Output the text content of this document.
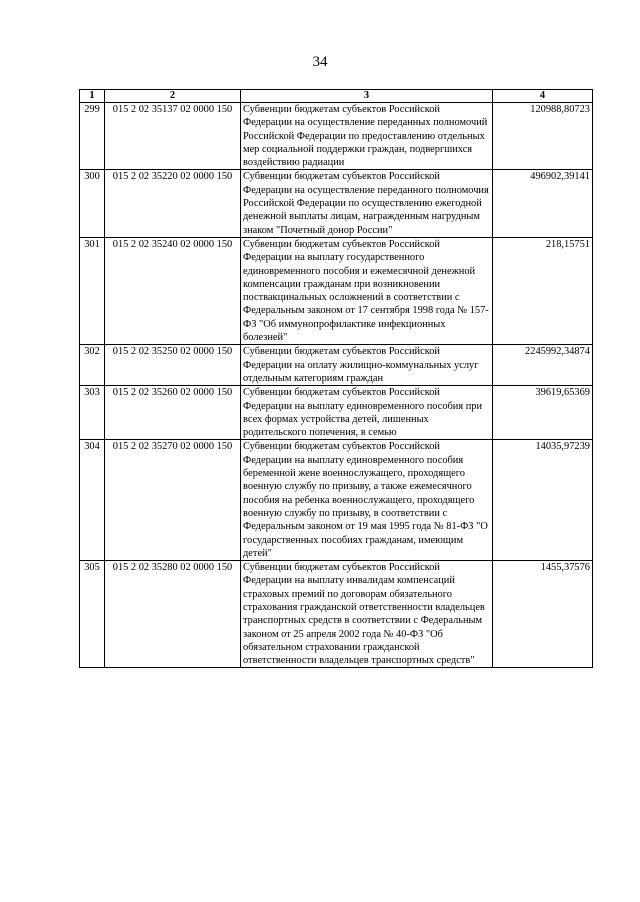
34
1	2	3	4
299	015 2 02 35137 02 0000 150	Субвенции бюджетам субъектов Российской Федерации на осуществление переданных полномочий Российской Федерации по предоставлению отдельных мер социальной поддержки граждан, подвергшихся воздействию радиации	120988,80723
300	015 2 02 35220 02 0000 150	Субвенции бюджетам субъектов Российской Федерации на осуществление переданного полномочия Российской Федерации по осуществлению ежегодной денежной выплаты лицам, награжденным нагрудным знаком "Почетный донор России"	496902,39141
301	015 2 02 35240 02 0000 150	Субвенции бюджетам субъектов Российской Федерации на выплату государственного единовременного пособия и ежемесячной денежной компенсации гражданам при возникновении поствакцинальных осложнений в соответствии с Федеральным законом от 17 сентября 1998 года № 157-ФЗ "Об иммунопрофилактике инфекционных болезней"	218,15751
302	015 2 02 35250 02 0000 150	Субвенции бюджетам субъектов Российской Федерации на оплату жилищно-коммунальных услуг отдельным категориям граждан	2245992,34874
303	015 2 02 35260 02 0000 150	Субвенции бюджетам субъектов Российской Федерации на выплату единовременного пособия при всех формах устройства детей, лишенных родительского попечения, в семью	39619,65369
304	015 2 02 35270 02 0000 150	Субвенции бюджетам субъектов Российской Федерации на выплату единовременного пособия беременной жене военнослужащего, проходящего военную службу по призыву, а также ежемесячного пособия на ребенка военнослужащего, проходящего военную службу по призыву, в соответствии с Федеральным законом от 19 мая 1995 года № 81-ФЗ "О государственных пособиях гражданам, имеющим детей"	14035,97239
305	015 2 02 35280 02 0000 150	Субвенции бюджетам субъектов Российской Федерации на выплату инвалидам компенсаций страховых премий по договорам обязательного страхования гражданской ответственности владельцев транспортных средств в соответствии с Федеральным законом от 25 апреля 2002 года № 40-ФЗ "Об обязательном страховании гражданской ответственности владельцев транспортных средств"	1455,37576
